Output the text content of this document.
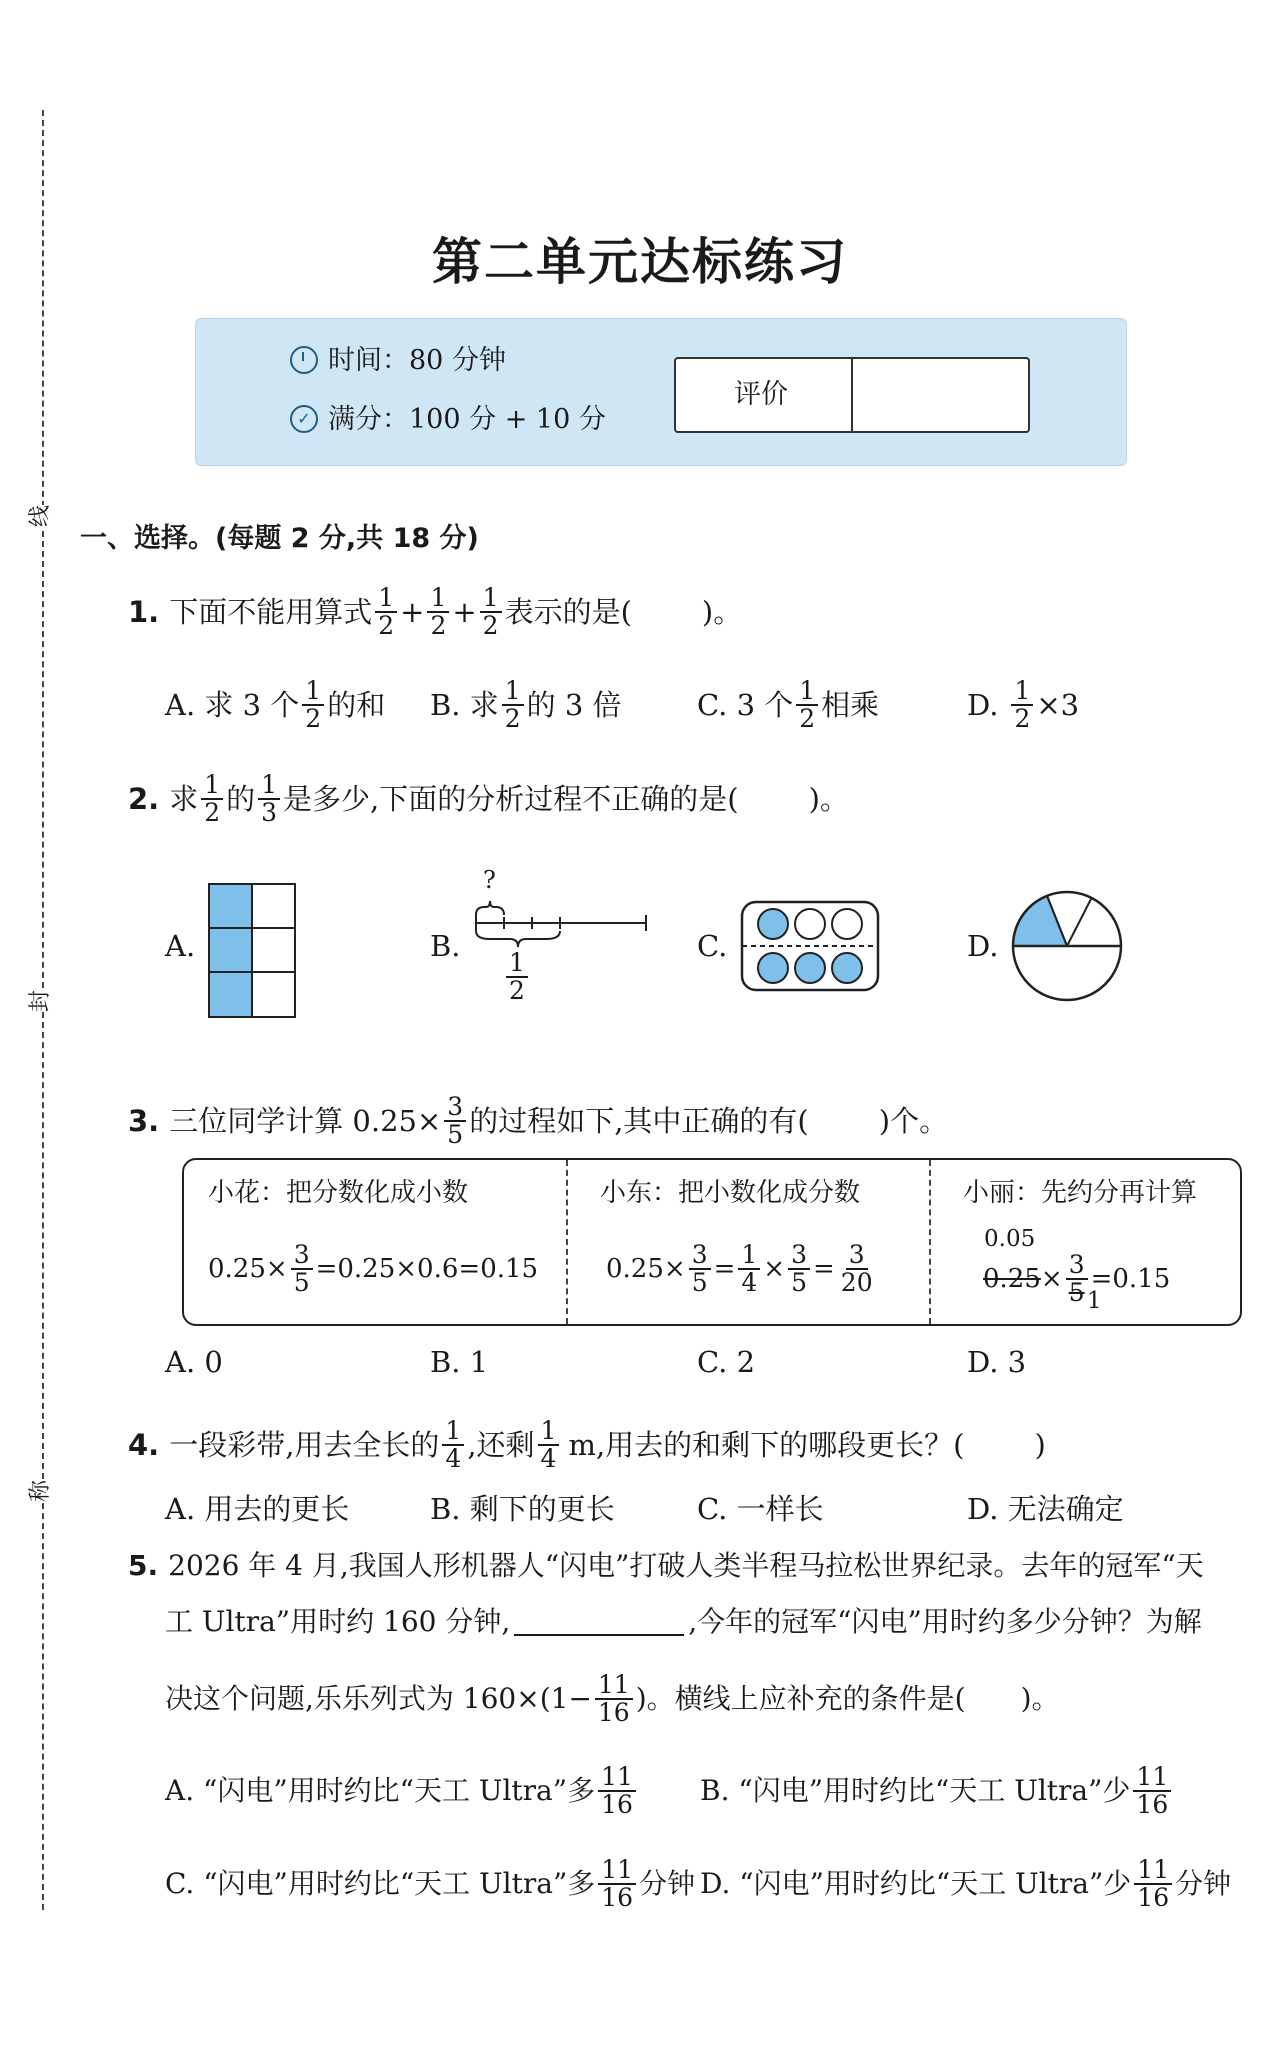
线
封
称
第二单元达标练习
时间：80 分钟
✓ 满分：100 分 + 10 分
评价
一、选择。(每题 2 分,共 18 分)
1. 下面不能用算式 $\frac{1}{2} + \frac{1}{2} + \frac{1}{2}$ 表示的是( )。
A. 求 3 个 $\frac{1}{2}$ 的和 B. 求 $\frac{1}{2}$ 的 3 倍	C. 3 个 $\frac{1}{2}$ 相乘	D. $\frac{1}{2} \times 3$
2. 求 $\frac{1}{2}$ 的 $\frac{1}{3}$ 是多少,下面的分析过程不正确的是( )。
A.	B.
?
$\frac{1}{2}$
C.	D.
3. 三位同学计算 $0.25\times \frac{3}{5}$ 的过程如下,其中正确的有( )个。
小花：把分数化成小数
$0.25\times \frac{3}{5} =0.25\times 0.6=0.15$
小东：把小数化成分数
$0.25\times \frac{3}{5} = \frac{1}{4} \times \frac{3}{5} = \frac{3}{20}$
小丽：先约分再计算
0.05
$0.25 \times \frac{3}{5} =0.15$
1
A. 0	B. 1	C. 2	D. 3
4. 一段彩带,用去全长的 $\frac{1}{4}$ ,还剩 $\frac{1}{4} m$,用去的和剩下的哪段更长？( )
A. 用去的更长	B. 剩下的更长	C. 一样长	D. 无法确定
5. 2026 年 4 月,我国人形机器人“闪电”打破人类半程马拉松世界纪录。去年的冠军“天
工 Ultra”用时约 160 分钟,	,今年的冠军“闪电”用时约多少分钟？为解
决这个问题,乐乐列式为 $160\times(1- \frac{11}{16}$ )。横线上应补充的条件是( )。
A. “闪电”用时约比“天工 Ultra”多 $\frac{11}{16} B$. “闪电”用时约比“天工 Ultra”少 $\frac{11}{16}$
C. “闪电”用时约比“天工 Ultra”多 $\frac{11}{16}$ 分钟 D. “闪电”用时约比“天工 Ultra”少 $\frac{11}{16}$ 分钟
